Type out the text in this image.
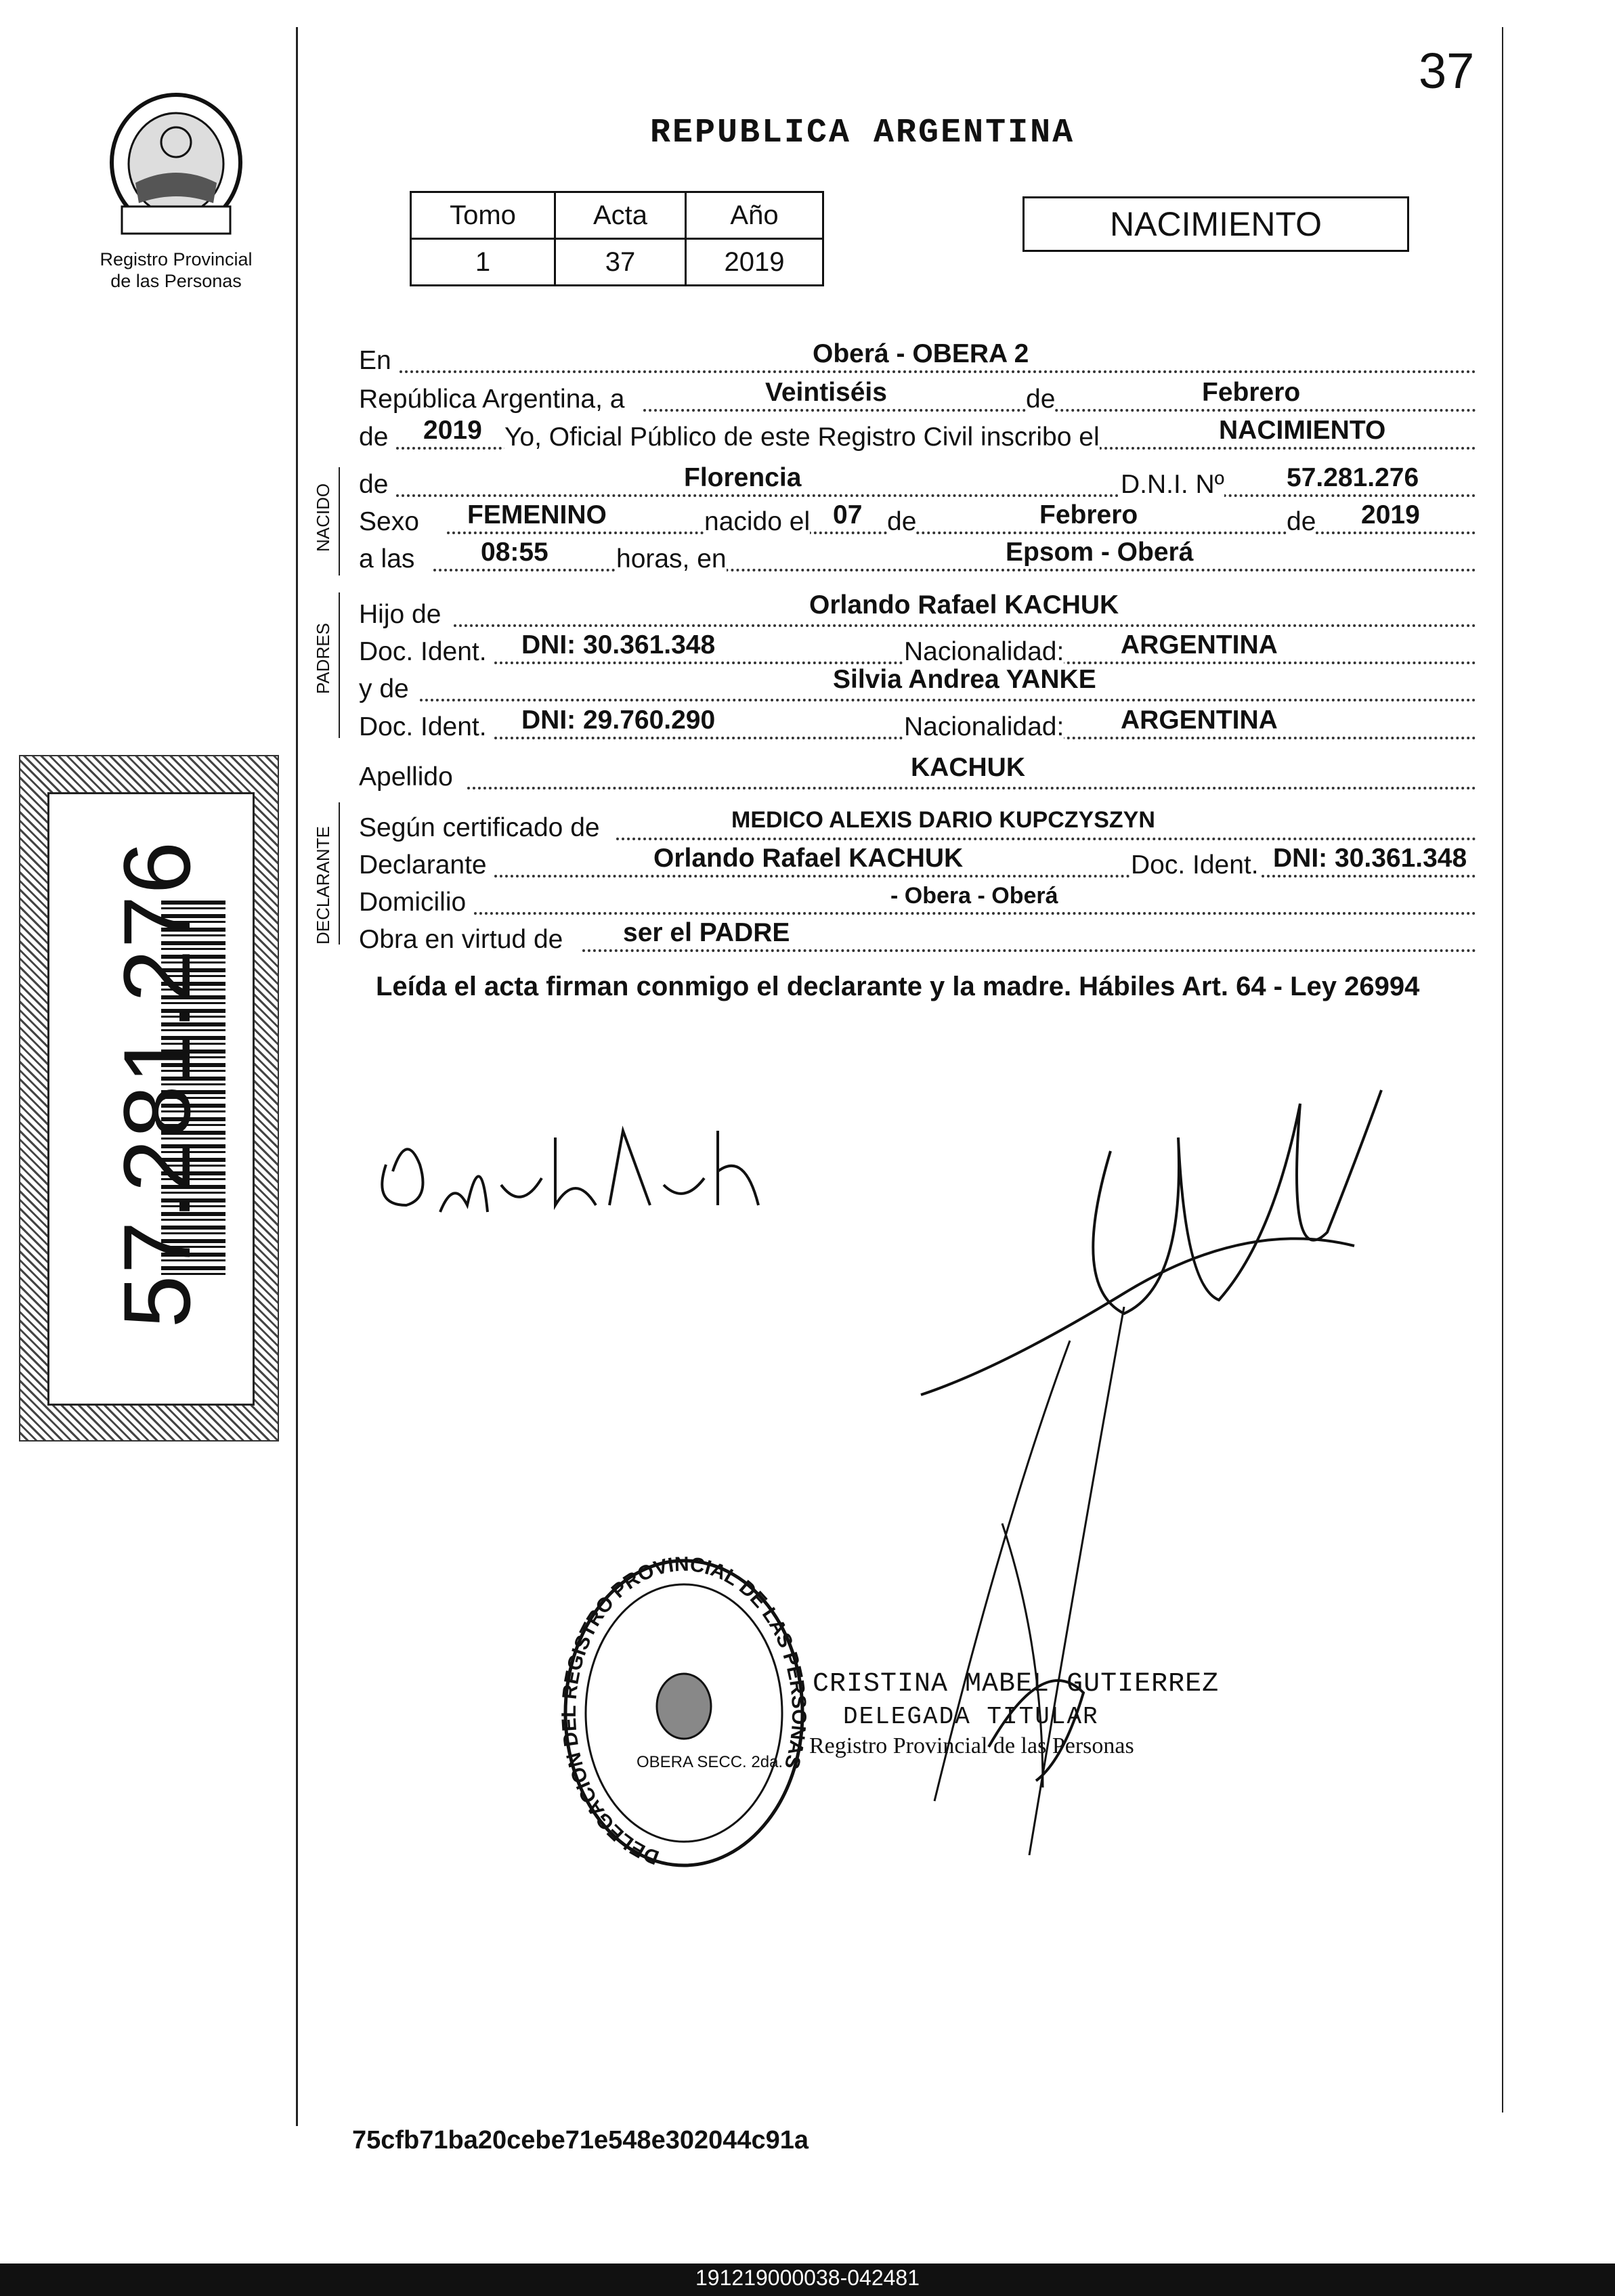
37
REPUBLICA ARGENTINA
Registro Provincial
de las Personas
Tomo	Acta	Año
1	37	2019
NACIMIENTO
57.281.276
NACIDO
PADRES
DECLARANTE
En	Oberá - OBERA 2
República Argentina, a	Veintiséis	de	Febrero
de 2019 Yo, Oficial Público de este Registro Civil inscribo el	NACIMIENTO
de	Florencia	D.N.I. Nº 57.281.276
Sexo FEMENINO	nacido el 07 de	Febrero	de 2019
a las	08:55	horas, en	Epsom - Oberá
Hijo de	Orlando Rafael KACHUK
Doc. Ident. DNI: 30.361.348	Nacionalidad: ARGENTINA
y de	Silvia Andrea YANKE
Doc. Ident. DNI: 29.760.290	Nacionalidad: ARGENTINA
Apellido	KACHUK
Según certificado de	MEDICO ALEXIS DARIO KUPCZYSZYN
Declarante	Orlando Rafael KACHUK	Doc. Ident. DNI: 30.361.348
Domicilio	- Obera - Oberá
Obra en virtud de ser el PADRE
Leída el acta firman conmigo el declarante y la madre. Hábiles Art. 64 - Ley 26994
DELEGACION DEL REGISTRO PROVINCIAL DE LAS PERSONAS
OBERA SECC. 2da.
CRISTINA MABEL GUTIERREZ
DELEGADA TITULAR
Registro Provincial de las Personas
75cfb71ba20cebe71e548e302044c91a
191219000038-042481
